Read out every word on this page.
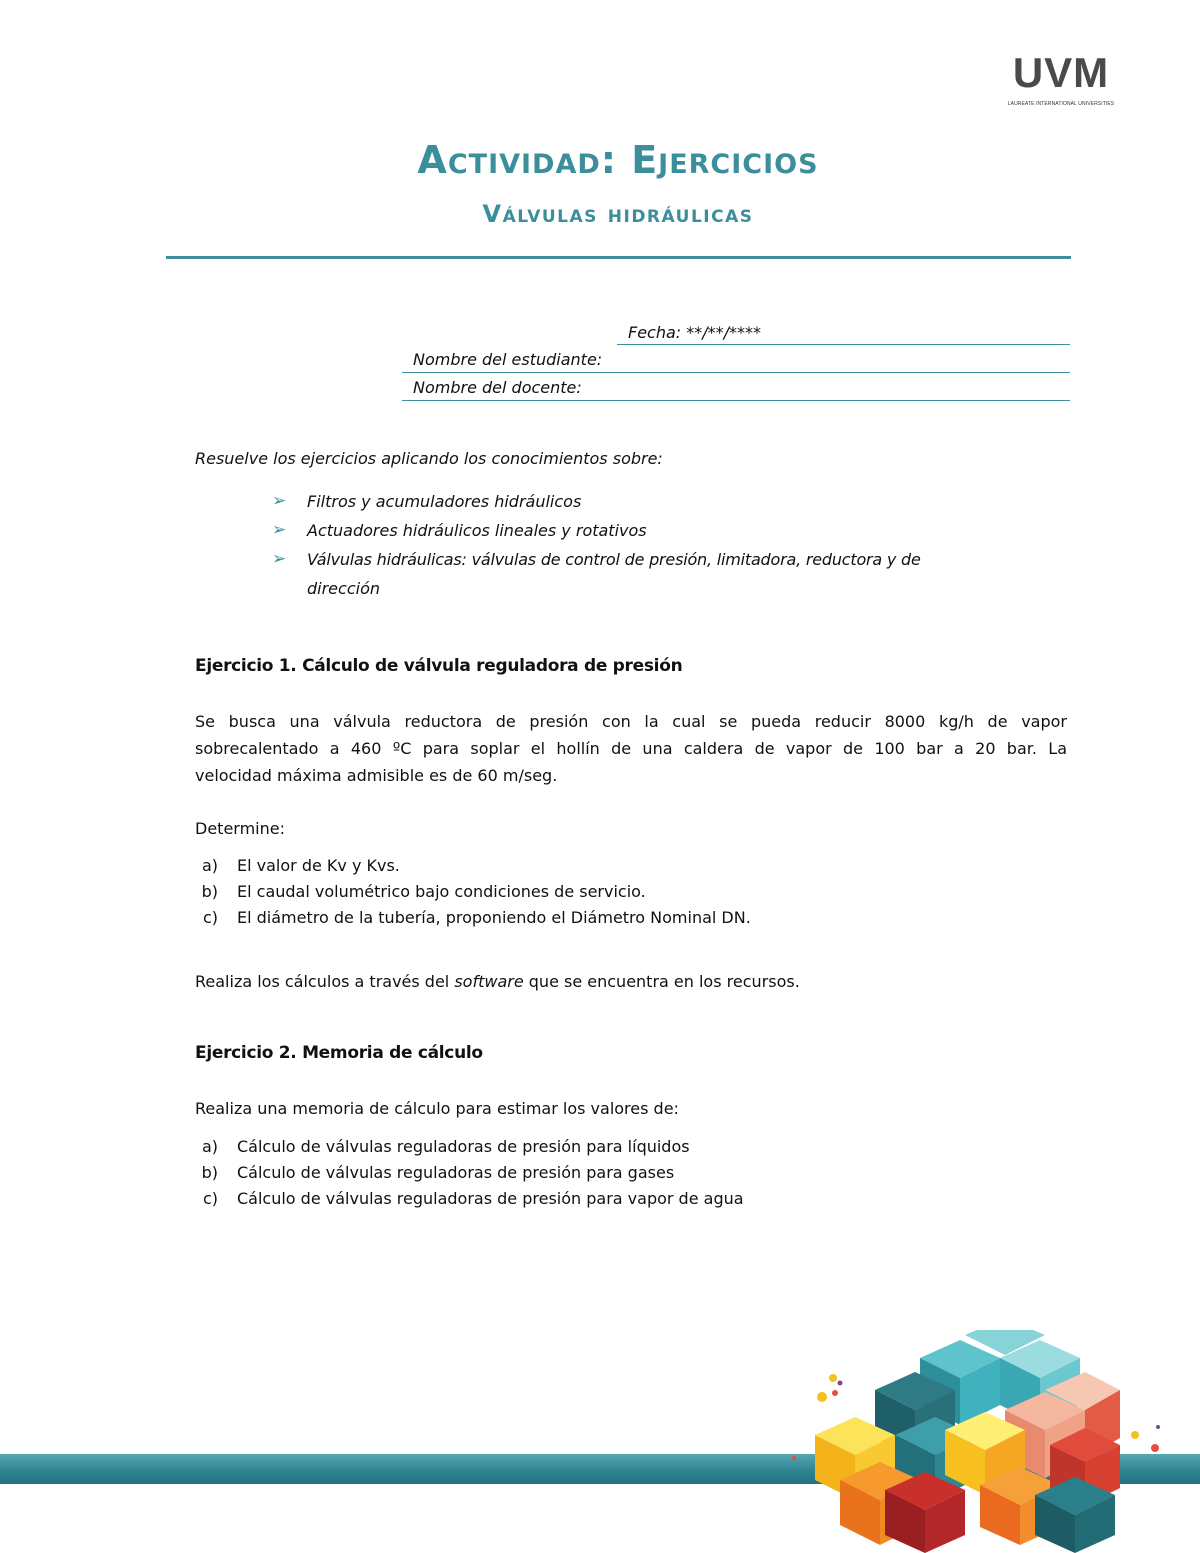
UVM
LAUREATE INTERNATIONAL UNIVERSITIES
Actividad: Ejercicios
Válvulas hidráulicas
Fecha: **/**/****
Nombre del estudiante:
Nombre del docente:
Resuelve los ejercicios aplicando los conocimientos sobre:
➢ Filtros y acumuladores hidráulicos
➢ Actuadores hidráulicos lineales y rotativos
➢ Válvulas hidráulicas: válvulas de control de presión, limitadora, reductora y de
dirección
Ejercicio 1. Cálculo de válvula reguladora de presión
Se busca una válvula reductora de presión con la cual se pueda reducir 8000 kg/h de vapor
sobrecalentado a 460 ºC para soplar el hollín de una caldera de vapor de 100 bar a 20 bar. La
velocidad máxima admisible es de 60 m/seg.
Determine:
a) El valor de Kv y Kvs.
b) El caudal volumétrico bajo condiciones de servicio.
c) El diámetro de la tubería, proponiendo el Diámetro Nominal DN.
Realiza los cálculos a través del software que se encuentra en los recursos.
Ejercicio 2. Memoria de cálculo
Realiza una memoria de cálculo para estimar los valores de:
a) Cálculo de válvulas reguladoras de presión para líquidos
b) Cálculo de válvulas reguladoras de presión para gases
c) Cálculo de válvulas reguladoras de presión para vapor de agua
